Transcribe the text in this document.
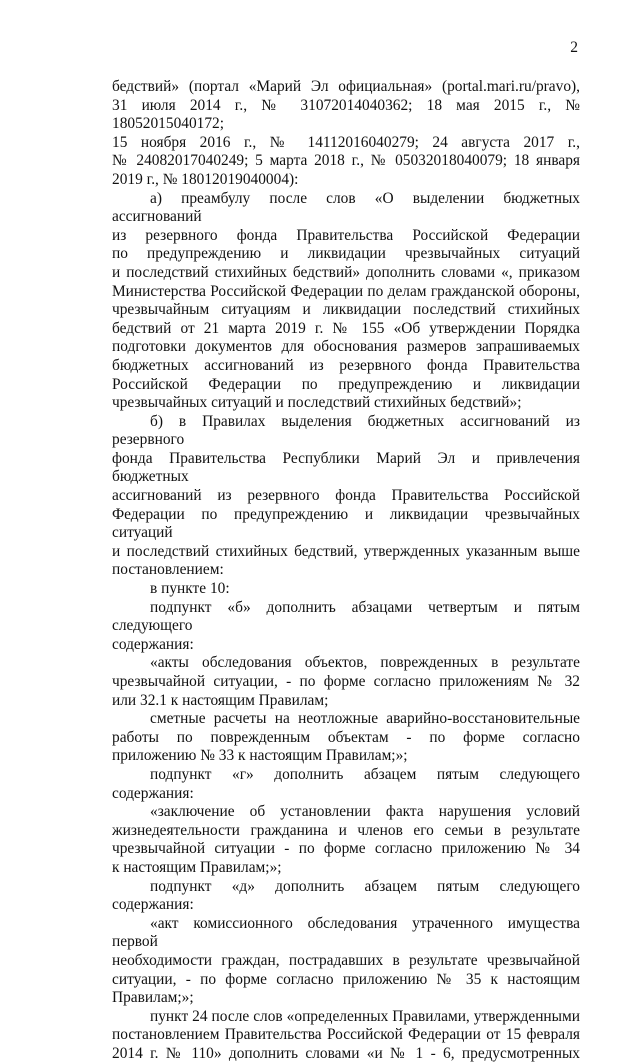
2

бедствий» (портал «Марий Эл официальная» (portal.mari.ru/pravo),

31 июля 2014 г., № 31072014040362; 18 мая 2015 г., № 18052015040172;

15 ноября 2016 г., № 14112016040279; 24 августа 2017 г.,

№ 24082017040249; 5 марта 2018 г., № 05032018040079; 18 января

2019 г., № 18012019040004):

а) преамбулу после слов «О выделении бюджетных ассигнований

из резервного фонда Правительства Российской Федерации

по предупреждению и ликвидации чрезвычайных ситуаций

и последствий стихийных бедствий» дополнить словами «, приказом

Министерства Российской Федерации по делам гражданской обороны,

чрезвычайным ситуациям и ликвидации последствий стихийных

бедствий от 21 марта 2019 г. № 155 «Об утверждении Порядка

подготовки документов для обоснования размеров запрашиваемых

бюджетных ассигнований из резервного фонда Правительства

Российской Федерации по предупреждению и ликвидации

чрезвычайных ситуаций и последствий стихийных бедствий»;

б) в Правилах выделения бюджетных ассигнований из резервного

фонда Правительства Республики Марий Эл и привлечения бюджетных

ассигнований из резервного фонда Правительства Российской

Федерации по предупреждению и ликвидации чрезвычайных ситуаций

и последствий стихийных бедствий, утвержденных указанным выше

постановлением:

в пункте 10:

подпункт «б» дополнить абзацами четвертым и пятым следующего

содержания:

«акты обследования объектов, поврежденных в результате

чрезвычайной ситуации, - по форме согласно приложениям № 32

или 32.1 к настоящим Правилам;

сметные расчеты на неотложные аварийно-восстановительные

работы по поврежденным объектам - по форме согласно

приложению № 33 к настоящим Правилам;»;

подпункт «г» дополнить абзацем пятым следующего содержания:

«заключение об установлении факта нарушения условий

жизнедеятельности гражданина и членов его семьи в результате

чрезвычайной ситуации - по форме согласно приложению № 34

к настоящим Правилам;»;

подпункт «д» дополнить абзацем пятым следующего содержания:

«акт комиссионного обследования утраченного имущества первой

необходимости граждан, пострадавших в результате чрезвычайной

ситуации, - по форме согласно приложению № 35 к настоящим

Правилам;»;

пункт 24 после слов «определенных Правилами, утвержденными

постановлением Правительства Российской Федерации от 15 февраля

2014 г. № 110» дополнить словами «и № 1 - 6, предусмотренных
